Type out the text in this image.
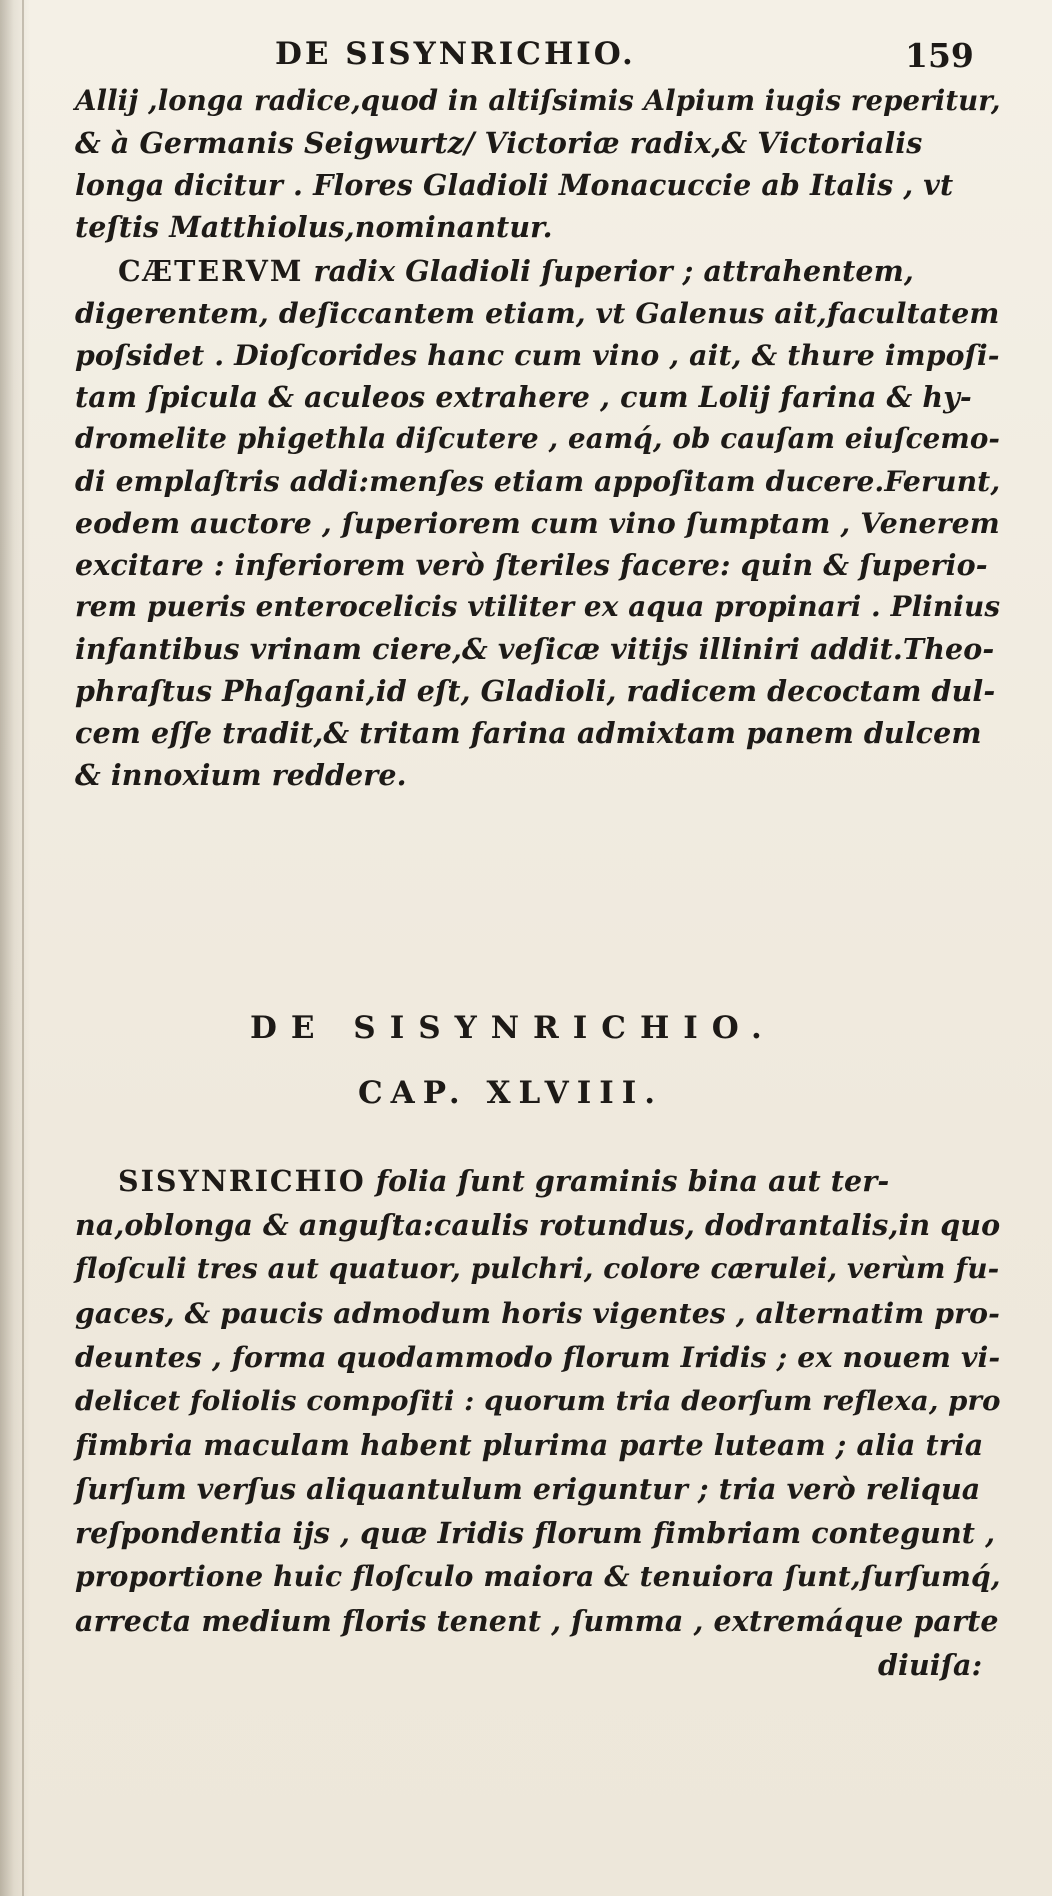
DE SISYNRICHIO.	159
Allij ,longa radice,quod in altiſsimis Alpium iugis reperitur,
& à Germanis Seigwurtz/ Victoriæ radix,& Victorialis
longa dicitur . Flores Gladioli Monacuccie ab Italis , vt
teſtis Matthiolus,nominantur.
CÆTERVM radix Gladioli ſuperior ; attrahentem,
digerentem, deſiccantem etiam, vt Galenus ait,facultatem
poſsidet . Dioſcorides hanc cum vino , ait, & thure impoſi-
tam ſpicula & aculeos extrahere , cum Lolij farina & hy-
dromelite phigethla diſcutere , eamq́, ob cauſam eiuſcemo-
di emplaſtris addi:menſes etiam appoſitam ducere.Ferunt,
eodem auctore , ſuperiorem cum vino ſumptam , Venerem
excitare : inferiorem verò ſteriles facere: quin & ſuperio-
rem pueris enterocelicis vtiliter ex aqua propinari . Plinius
infantibus vrinam ciere,& veſicæ vitijs illiniri addit.Theo-
phraſtus Phaſgani,id eſt, Gladioli, radicem decoctam dul-
cem eſſe tradit,& tritam farina admixtam panem dulcem
& innoxium reddere.
DE SISYNRICHIO.
CAP. XLVIII.
SISYNRICHIO folia ſunt graminis bina aut ter-
na,oblonga & anguſta:caulis rotundus, dodrantalis,in quo
floſculi tres aut quatuor, pulchri, colore cærulei, verùm fu-
gaces, & paucis admodum horis vigentes , alternatim pro-
deuntes , forma quodammodo florum Iridis ; ex nouem vi-
delicet foliolis compoſiti : quorum tria deorſum reflexa, pro
fimbria maculam habent plurima parte luteam ; alia tria
ſurſum verſus aliquantulum eriguntur ; tria verò reliqua
reſpondentia ijs , quæ Iridis florum fimbriam contegunt ,
proportione huic floſculo maiora & tenuiora ſunt,ſurſumq́,
arrecta medium floris tenent , ſumma , extremáque parte
diuiſa:
